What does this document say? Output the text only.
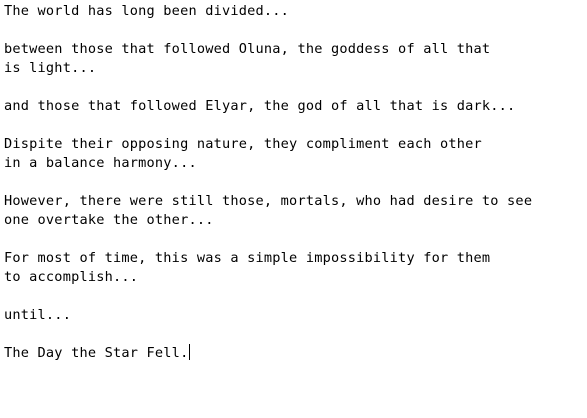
The world has long been divided...

between those that followed Oluna, the goddess of all that

is light...

and those that followed Elyar, the god of all that is dark...

Dispite their opposing nature, they compliment each other

in a balance harmony...

However, there were still those, mortals, who had desire to see

one overtake the other...

For most of time, this was a simple impossibility for them

to accomplish...

until...

The Day the Star Fell.
